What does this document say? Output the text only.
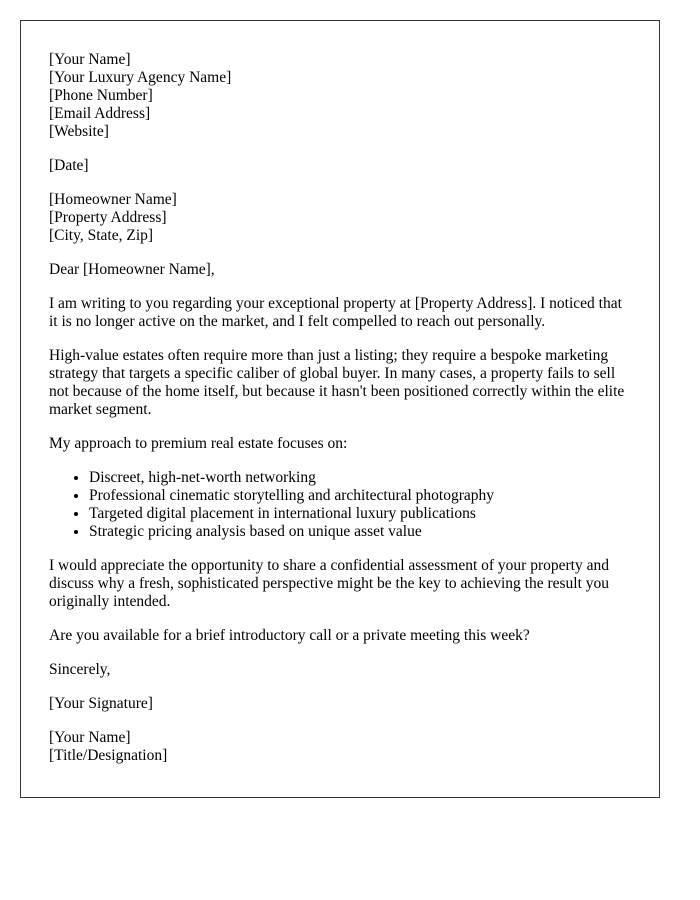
[Your Name]
[Your Luxury Agency Name]
[Phone Number]
[Email Address]
[Website]
[Date]
[Homeowner Name]
[Property Address]
[City, State, Zip]

Dear [Homeowner Name],

I am writing to you regarding your exceptional property at [Property Address]. I noticed that it is no longer active on the market, and I felt compelled to reach out personally.

High-value estates often require more than just a listing; they require a bespoke marketing strategy that targets a specific caliber of global buyer. In many cases, a property fails to sell not because of the home itself, but because it hasn't been positioned correctly within the elite market segment.

My approach to premium real estate focuses on:

• Discreet, high-net-worth networking
• Professional cinematic storytelling and architectural photography
• Targeted digital placement in international luxury publications
• Strategic pricing analysis based on unique asset value

I would appreciate the opportunity to share a confidential assessment of your property and discuss why a fresh, sophisticated perspective might be the key to achieving the result you originally intended.

Are you available for a brief introductory call or a private meeting this week?

Sincerely,

[Your Signature]

[Your Name]
[Title/Designation]
